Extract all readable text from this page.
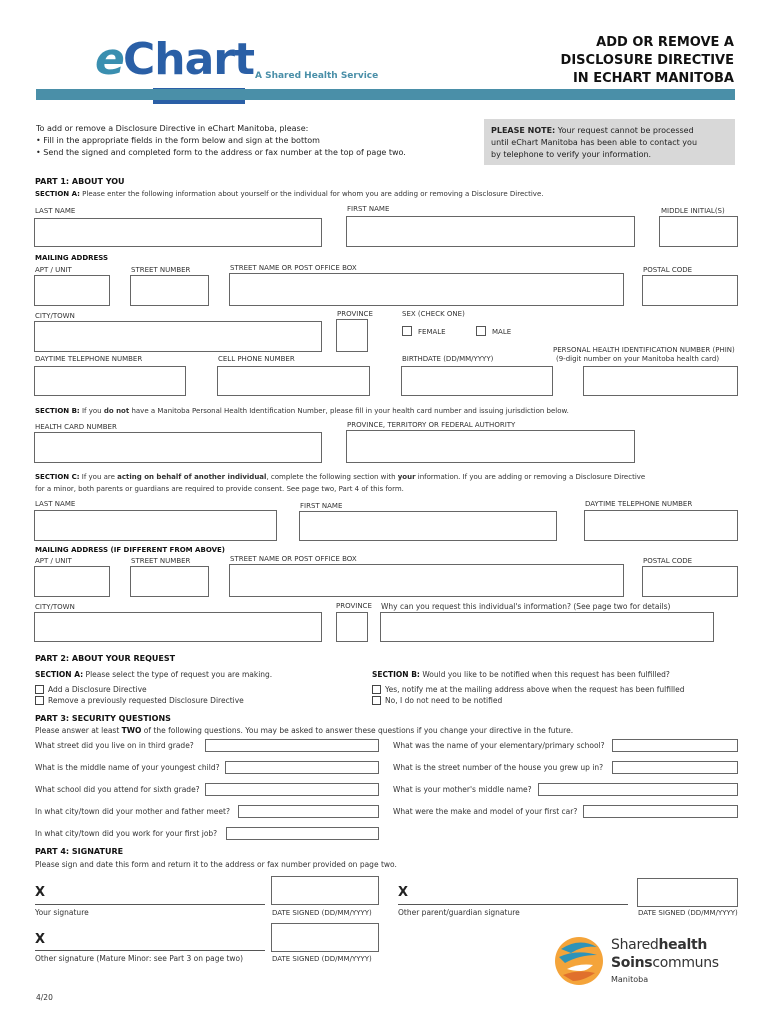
e
Chart A Shared Health Service
ADD OR REMOVE A
DISCLOSURE DIRECTIVE
IN ECHART MANITOBA
To add or remove a Disclosure Directive in eChart Manitoba, please:
• Fill in the appropriate fields in the form below and sign at the bottom
• Send the signed and completed form to the address or fax number at the top of page two.
PLEASE NOTE: Your request cannot be processed
until eChart Manitoba has been able to contact you
by telephone to verify your information.
PART 1: ABOUT YOU
SECTION A: Please enter the following information about yourself or the individual for whom you are adding or removing a Disclosure Directive.
LAST NAME	FIRST NAME	MIDDLE INITIAL(S)
MAILING ADDRESS
APT / UNIT	STREET NUMBER	STREET NAME OR POST OFFICE BOX	POSTAL CODE
CITY/TOWN	PROVINCE	SEX (CHECK ONE)
FEMALE	MALE
PERSONAL HEALTH IDENTIFICATION NUMBER (PHIN)
(9-digit number on your Manitoba health card)
DAYTIME TELEPHONE NUMBER	CELL PHONE NUMBER	BIRTHDATE (DD/MM/YYYY)
SECTION B: If you do not have a Manitoba Personal Health Identification Number, please fill in your health card number and issuing jurisdiction below.
HEALTH CARD NUMBER	PROVINCE, TERRITORY OR FEDERAL AUTHORITY
SECTION C: If you are acting on behalf of another individual, complete the following section with your information. If you are adding or removing a Disclosure Directive
for a minor, both parents or guardians are required to provide consent. See page two, Part 4 of this form.
LAST NAME	FIRST NAME	DAYTIME TELEPHONE NUMBER
MAILING ADDRESS (IF DIFFERENT FROM ABOVE)
APT / UNIT	STREET NUMBER	STREET NAME OR POST OFFICE BOX	POSTAL CODE
CITY/TOWN	PROVINCE Why can you request this individual's information? (See page two for details)
PART 2: ABOUT YOUR REQUEST
SECTION A: Please select the type of request you are making.
Add a Disclosure Directive
Remove a previously requested Disclosure Directive
SECTION B: Would you like to be notified when this request has been fulfilled?
Yes, notify me at the mailing address above when the request has been fulfilled
No, I do not need to be notified
PART 3: SECURITY QUESTIONS
Please answer at least TWO of the following questions. You may be asked to answer these questions if you change your directive in the future.
What street did you live on in third grade?	What was the name of your elementary/primary school?
What is the middle name of your youngest child?	What is the street number of the house you grew up in?
What school did you attend for sixth grade?	What is your mother's middle name?
In what city/town did your mother and father meet?	What were the make and model of your first car?
In what city/town did you work for your first job?
PART 4: SIGNATURE
Please sign and date this form and return it to the address or fax number provided on page two.
X
Your signature	DATE SIGNED (DD/MM/YYYY)
X
Other parent/guardian signature	DATE SIGNED (DD/MM/YYYY)
X
Other signature (Mature Minor: see Part 3 on page two)	DATE SIGNED (DD/MM/YYYY)
4/20
Sharedhealth
Soinscommuns
Manitoba
